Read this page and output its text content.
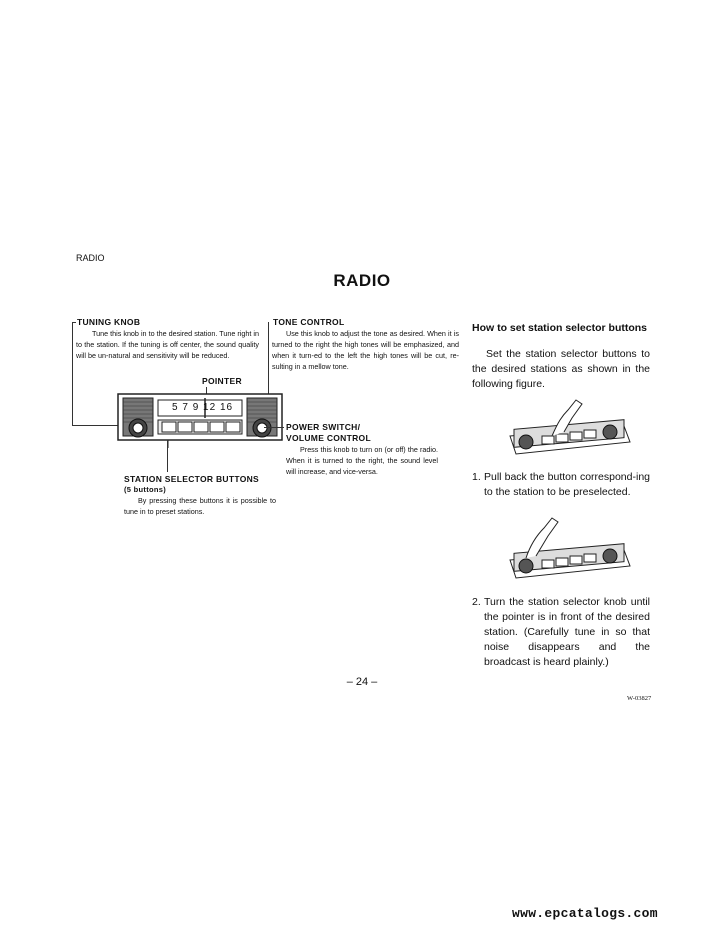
RADIO
RADIO
TUNING KNOB
Tune this knob in to the desired station. Tune right in to the station. If the tuning is off center, the sound quality will be un-natural and sensitivity will be reduced.
TONE CONTROL
Use this knob to adjust the tone as desired. When it is turned to the right the high tones will be emphasized, and when it turn-ed to the left the high tones will be cut, re-sulting in a mellow tone.
POINTER
5 7 9 12 16
POWER SWITCH/
VOLUME CONTROL
Press this knob to turn on (or off) the radio. When it is turned to the right, the sound level will increase, and vice-versa.
STATION SELECTOR BUTTONS
(5 buttons)
By pressing these buttons it is possible to tune in to preset stations.
How to set station selector buttons
Set the station selector buttons to the desired stations as shown in the following figure.
1. Pull back the button correspond-ing to the station to be preselected.
2. Turn the station selector knob until the pointer is in front of the desired station. (Carefully tune in so that noise disappears and the broadcast is heard plainly.)
– 24 –
W-03827
www.epcatalogs.com
